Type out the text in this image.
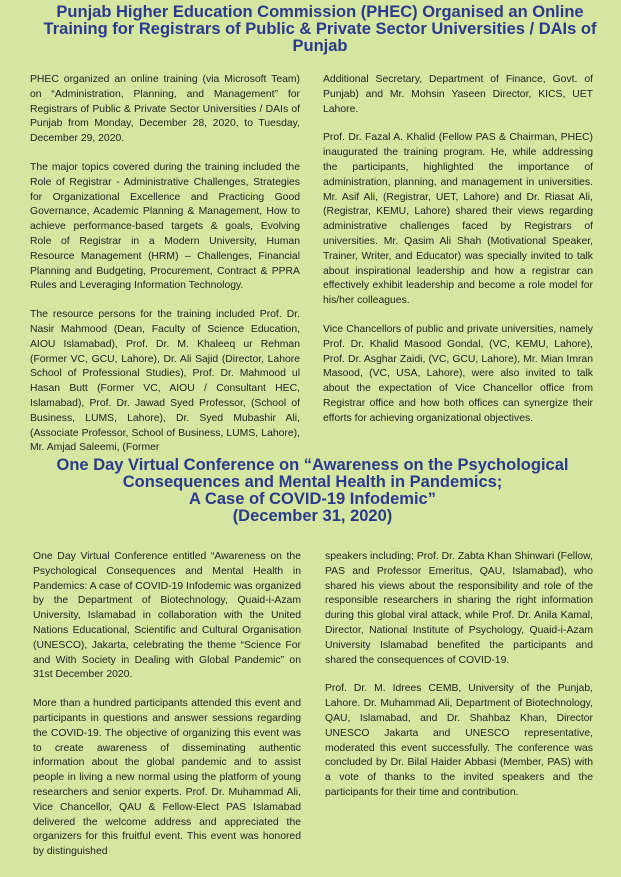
Punjab Higher Education Commission (PHEC) Organised an Online Training for Registrars of Public & Private Sector Universities / DAIs of Punjab

PHEC organized an online training (via Microsoft Team) on “Administration, Planning, and Management” for Registrars of Public & Private Sector Universities / DAIs of Punjab from Monday, December 28, 2020, to Tuesday, December 29, 2020.

The major topics covered during the training included the Role of Registrar - Administrative Challenges, Strategies for Organizational Excellence and Practicing Good Governance, Academic Planning & Management, How to achieve performance-based targets & goals, Evolving Role of Registrar in a Modern University, Human Resource Management (HRM) – Challenges, Financial Planning and Budgeting, Procurement, Contract & PPRA Rules and Leveraging Information Technology.

The resource persons for the training included Prof. Dr. Nasir Mahmood (Dean, Faculty of Science Education, AIOU Islamabad), Prof. Dr. M. Khaleeq ur Rehman (Former VC, GCU, Lahore), Dr. Ali Sajid (Director, Lahore School of Professional Studies), Prof. Dr. Mahmood ul Hasan Butt (Former VC, AIOU / Consultant HEC, Islamabad), Prof. Dr. Jawad Syed Professor, (School of Business, LUMS, Lahore), Dr. Syed Mubashir Ali, (Associate Professor, School of Business, LUMS, Lahore), Mr. Amjad Saleemi, (Former

Additional Secretary, Department of Finance, Govt. of Punjab) and Mr. Mohsin Yaseen Director, KICS, UET Lahore.

Prof. Dr. Fazal A. Khalid (Fellow PAS & Chairman, PHEC) inaugurated the training program. He, while addressing the participants, highlighted the importance of administration, planning, and management in universities. Mr. Asif Ali, (Registrar, UET, Lahore) and Dr. Riasat Ali, (Registrar, KEMU, Lahore) shared their views regarding administrative challenges faced by Registrars of universities. Mr. Qasim Ali Shah (Motivational Speaker, Trainer, Writer, and Educator) was specially invited to talk about inspirational leadership and how a registrar can effectively exhibit leadership and become a role model for his/her colleagues.

Vice Chancellors of public and private universities, namely Prof. Dr. Khalid Masood Gondal, (VC, KEMU, Lahore), Prof. Dr. Asghar Zaidi, (VC, GCU, Lahore), Mr. Mian Imran Masood, (VC, USA, Lahore), were also invited to talk about the expectation of Vice Chancellor office from Registrar office and how both offices can synergize their efforts for achieving organizational objectives.

One Day Virtual Conference on “Awareness on the Psychological
Consequences and Mental Health in Pandemics;
A Case of COVID-19 Infodemic”
(December 31, 2020)

One Day Virtual Conference entitled “Awareness on the Psychological Consequences and Mental Health in Pandemics: A case of COVID-19 Infodemic was organized by the Department of Biotechnology, Quaid-i-Azam University, Islamabad in collaboration with the United Nations Educational, Scientific and Cultural Organisation (UNESCO), Jakarta, celebrating the theme “Science For and With Society in Dealing with Global Pandemic” on 31st December 2020.

More than a hundred participants attended this event and participants in questions and answer sessions regarding the COVID-19. The objective of organizing this event was to create awareness of disseminating authentic information about the global pandemic and to assist people in living a new normal using the platform of young researchers and senior experts. Prof. Dr. Muhammad Ali, Vice Chancellor, QAU & Fellow-Elect PAS Islamabad delivered the welcome address and appreciated the organizers for this fruitful event. This event was honored by distinguished

speakers including; Prof. Dr. Zabta Khan Shinwari (Fellow, PAS and Professor Emeritus, QAU, Islamabad), who shared his views about the responsibility and role of the responsible researchers in sharing the right information during this global viral attack, while Prof. Dr. Anila Kamal, Director, National Institute of Psychology, Quaid-i-Azam University Islamabad benefited the participants and shared the consequences of COVID-19.

Prof. Dr. M. Idrees CEMB, University of the Punjab, Lahore. Dr. Muhammad Ali, Department of Biotechnology, QAU, Islamabad, and Dr. Shahbaz Khan, Director UNESCO Jakarta and UNESCO representative, moderated this event successfully. The conference was concluded by Dr. Bilal Haider Abbasi (Member, PAS) with a vote of thanks to the invited speakers and the participants for their time and contribution.
